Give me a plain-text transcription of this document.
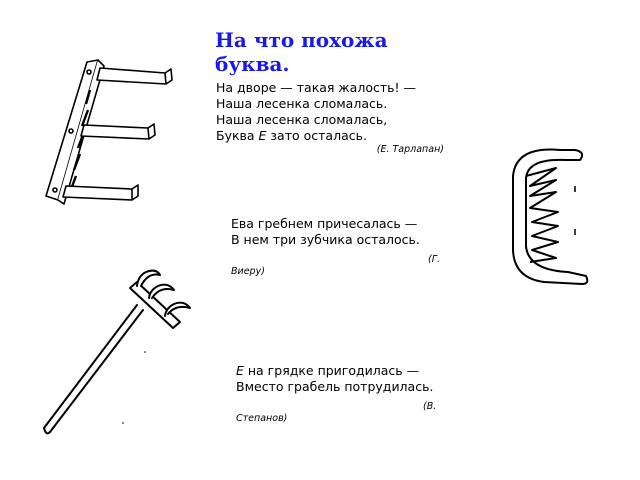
На что похожа буква.
На дворе — такая жалость! —
Наша лесенка сломалась.
Наша лесенка сломалась,
Буква Е зато осталась.
(Е. Тарлапан)
Ева гребнем причесалась —
В нем три зубчика осталось.
(Г. Виеру)
Е на грядке пригодилась —
Вместо грабель потрудилась.
(В. Степанов)
